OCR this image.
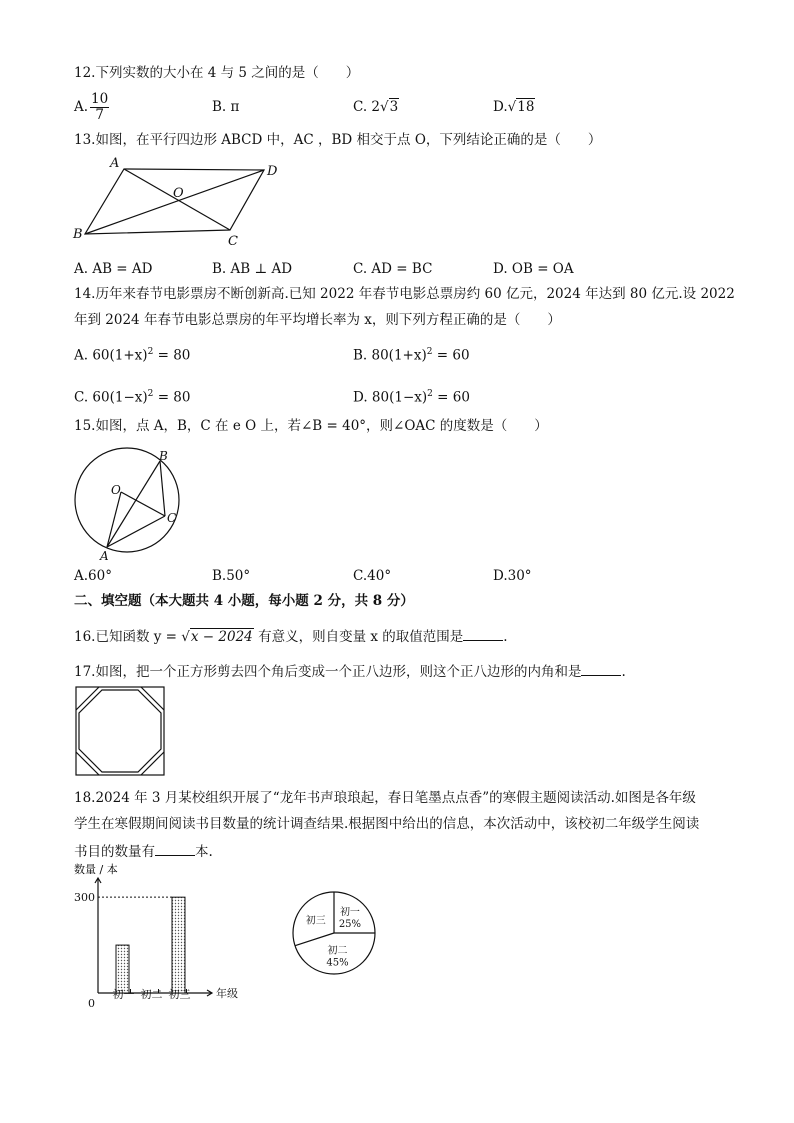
12.下列实数的大小在 4 与 5 之间的是（　　）
A. $\frac{10}{7}$	B. π	C. 2√3	D.√18
13.如图，在平行四边形 ABCD 中，AC ，BD 相交于点 O，下列结论正确的是（　　）
A
D
O
B	C
A. AB = AD	B. AB ⊥ AD	C. AD = BC	D. OB = OA
14.历年来春节电影票房不断创新高.已知 2022 年春节电影总票房约 60 亿元，2024 年达到 80 亿元.设 2022
年到 2024 年春节电影总票房的年平均增长率为 x，则下列方程正确的是（　　）
A. $60(1+x)^2 = 80$	B. $80(1+x)^2 = 60$
C. $60(1-x)^2 = 80$	D. $80(1-x)^2 = 60$
15.如图，点 A，B，C 在 e O 上，若∠B = 40°，则∠OAC 的度数是（　　）
O
B
C
A
A.60°	B.50°	C.40°	D.30°
二、填空题（本大题共 4 小题，每小题 2 分，共 8 分）
16.已知函数 y = √x − 2024 有意义，则自变量 x 的取值范围是	.
17.如图，把一个正方形剪去四个角后变成一个正八边形，则这个正八边形的内角和是	.
18.2024 年 3 月某校组织开展了“龙年书声琅琅起，春日笔墨点点香”的寒假主题阅读活动.如图是各年级
学生在寒假期间阅读书目数量的统计调查结果.根据图中给出的信息，本次活动中，该校初二年级学生阅读
书目的数量有	本.
数量 / 本
初一 初二 初三
300
0
年级
初一
25%
初二
45%
初三
